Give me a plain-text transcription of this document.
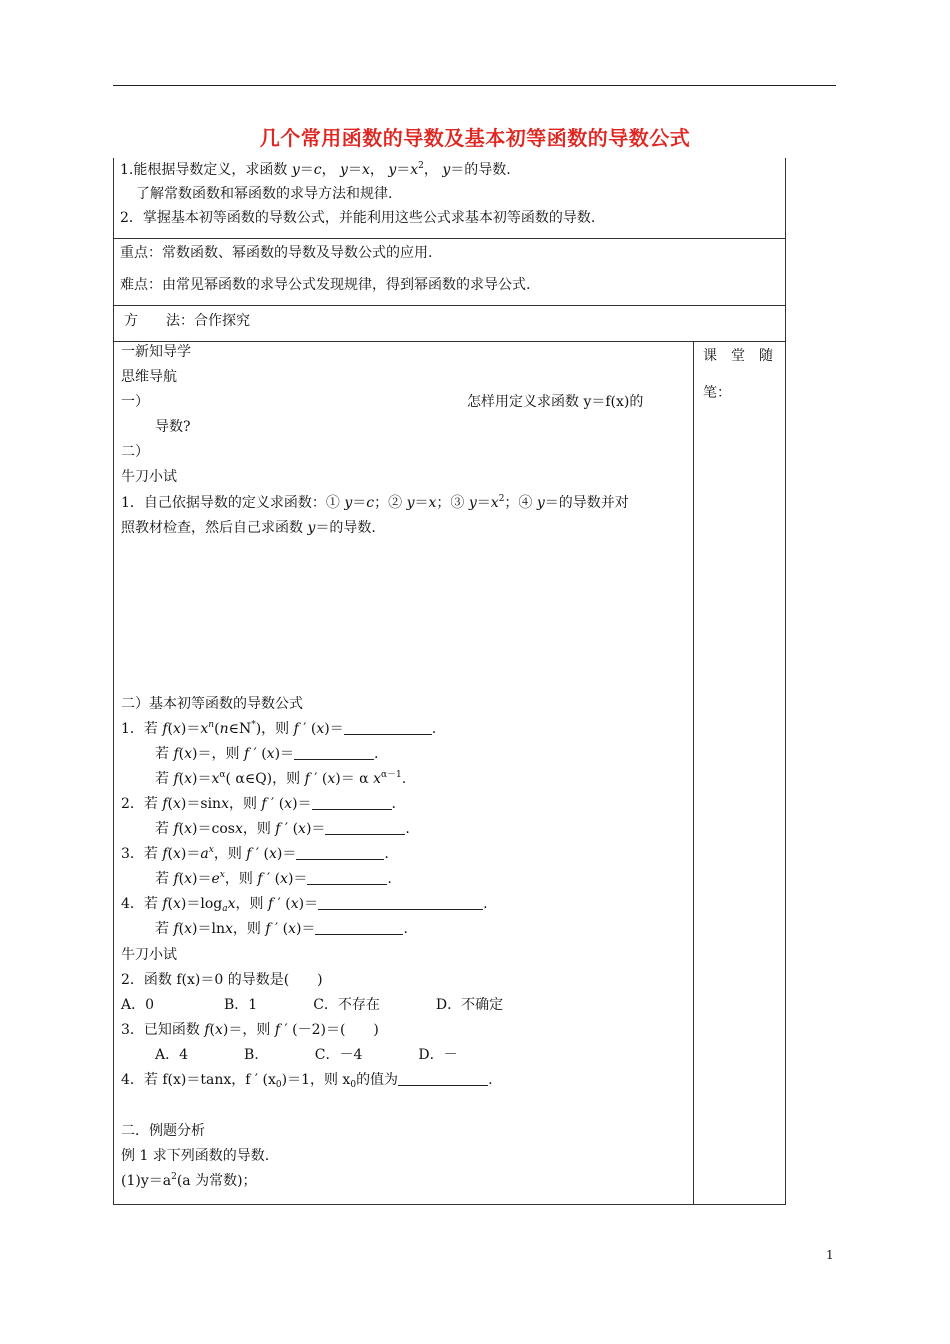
几个常用函数的导数及基本初等函数的导数公式
1.能根据导数定义，求函数 y＝c， y＝x， $y=x^2$， y＝的导数.
了解常数函数和幂函数的求导方法和规律.
2．掌握基本初等函数的导数公式，并能利用这些公式求基本初等函数的导数.
重点：常数函数、幂函数的导数及导数公式的应用.
难点：由常见幂函数的求导公式发现规律，得到幂函数的求导公式.
方　　法：合作探究
课　堂　随
笔：
一新知导学
思维导航
一）	怎样用定义求函数 y＝f(x)的
导数?
二）
牛刀小试
1．自己依据导数的定义求函数：① y＝c；② y＝x；③ $y=x^2$；④ y＝的导数并对
照教材检查，然后自己求函数 y＝的导数.
二）基本初等函数的导数公式
1．若 $f(x)=x^n(n\in N^*)$，则 f ′ (x)＝	.
若 f(x)＝，则 f ′ (x)＝	.
若 $f(x)=x^\alpha$( α∈Q)，则 f ′ (x)＝ α $x^{\alpha-1}$.
2．若 f(x)＝sinx，则 f ′ (x)＝	.
若 f(x)＝cosx，则 f ′ (x)＝	.
3．若 $f(x)=a^x$，则 f ′ (x)＝	.
若 $f(x)=e^x$，则 f ′ (x)＝	.
4．若 $f(x)=\log_ax$，则 f ′ (x)＝	.
若 f(x)＝lnx，则 f ′ (x)＝	.
牛刀小试
2．函数 f(x)＝0 的导数是(　　)
A．0　　　　　B．1　　　　C．不存在　　　　D．不确定
3．已知函数 f(x)＝，则 f ′ (－2)＝(　　)
A．4　　　　B.　　　　C．－4　　　　D．－
4．若 f(x)＝tanx，f ′ $(x_0)=1$，则 $x_0$的值为	.
二．例题分析
例 1 求下列函数的导数.
$(1)y=a^2(a$ 为常数)；
1
